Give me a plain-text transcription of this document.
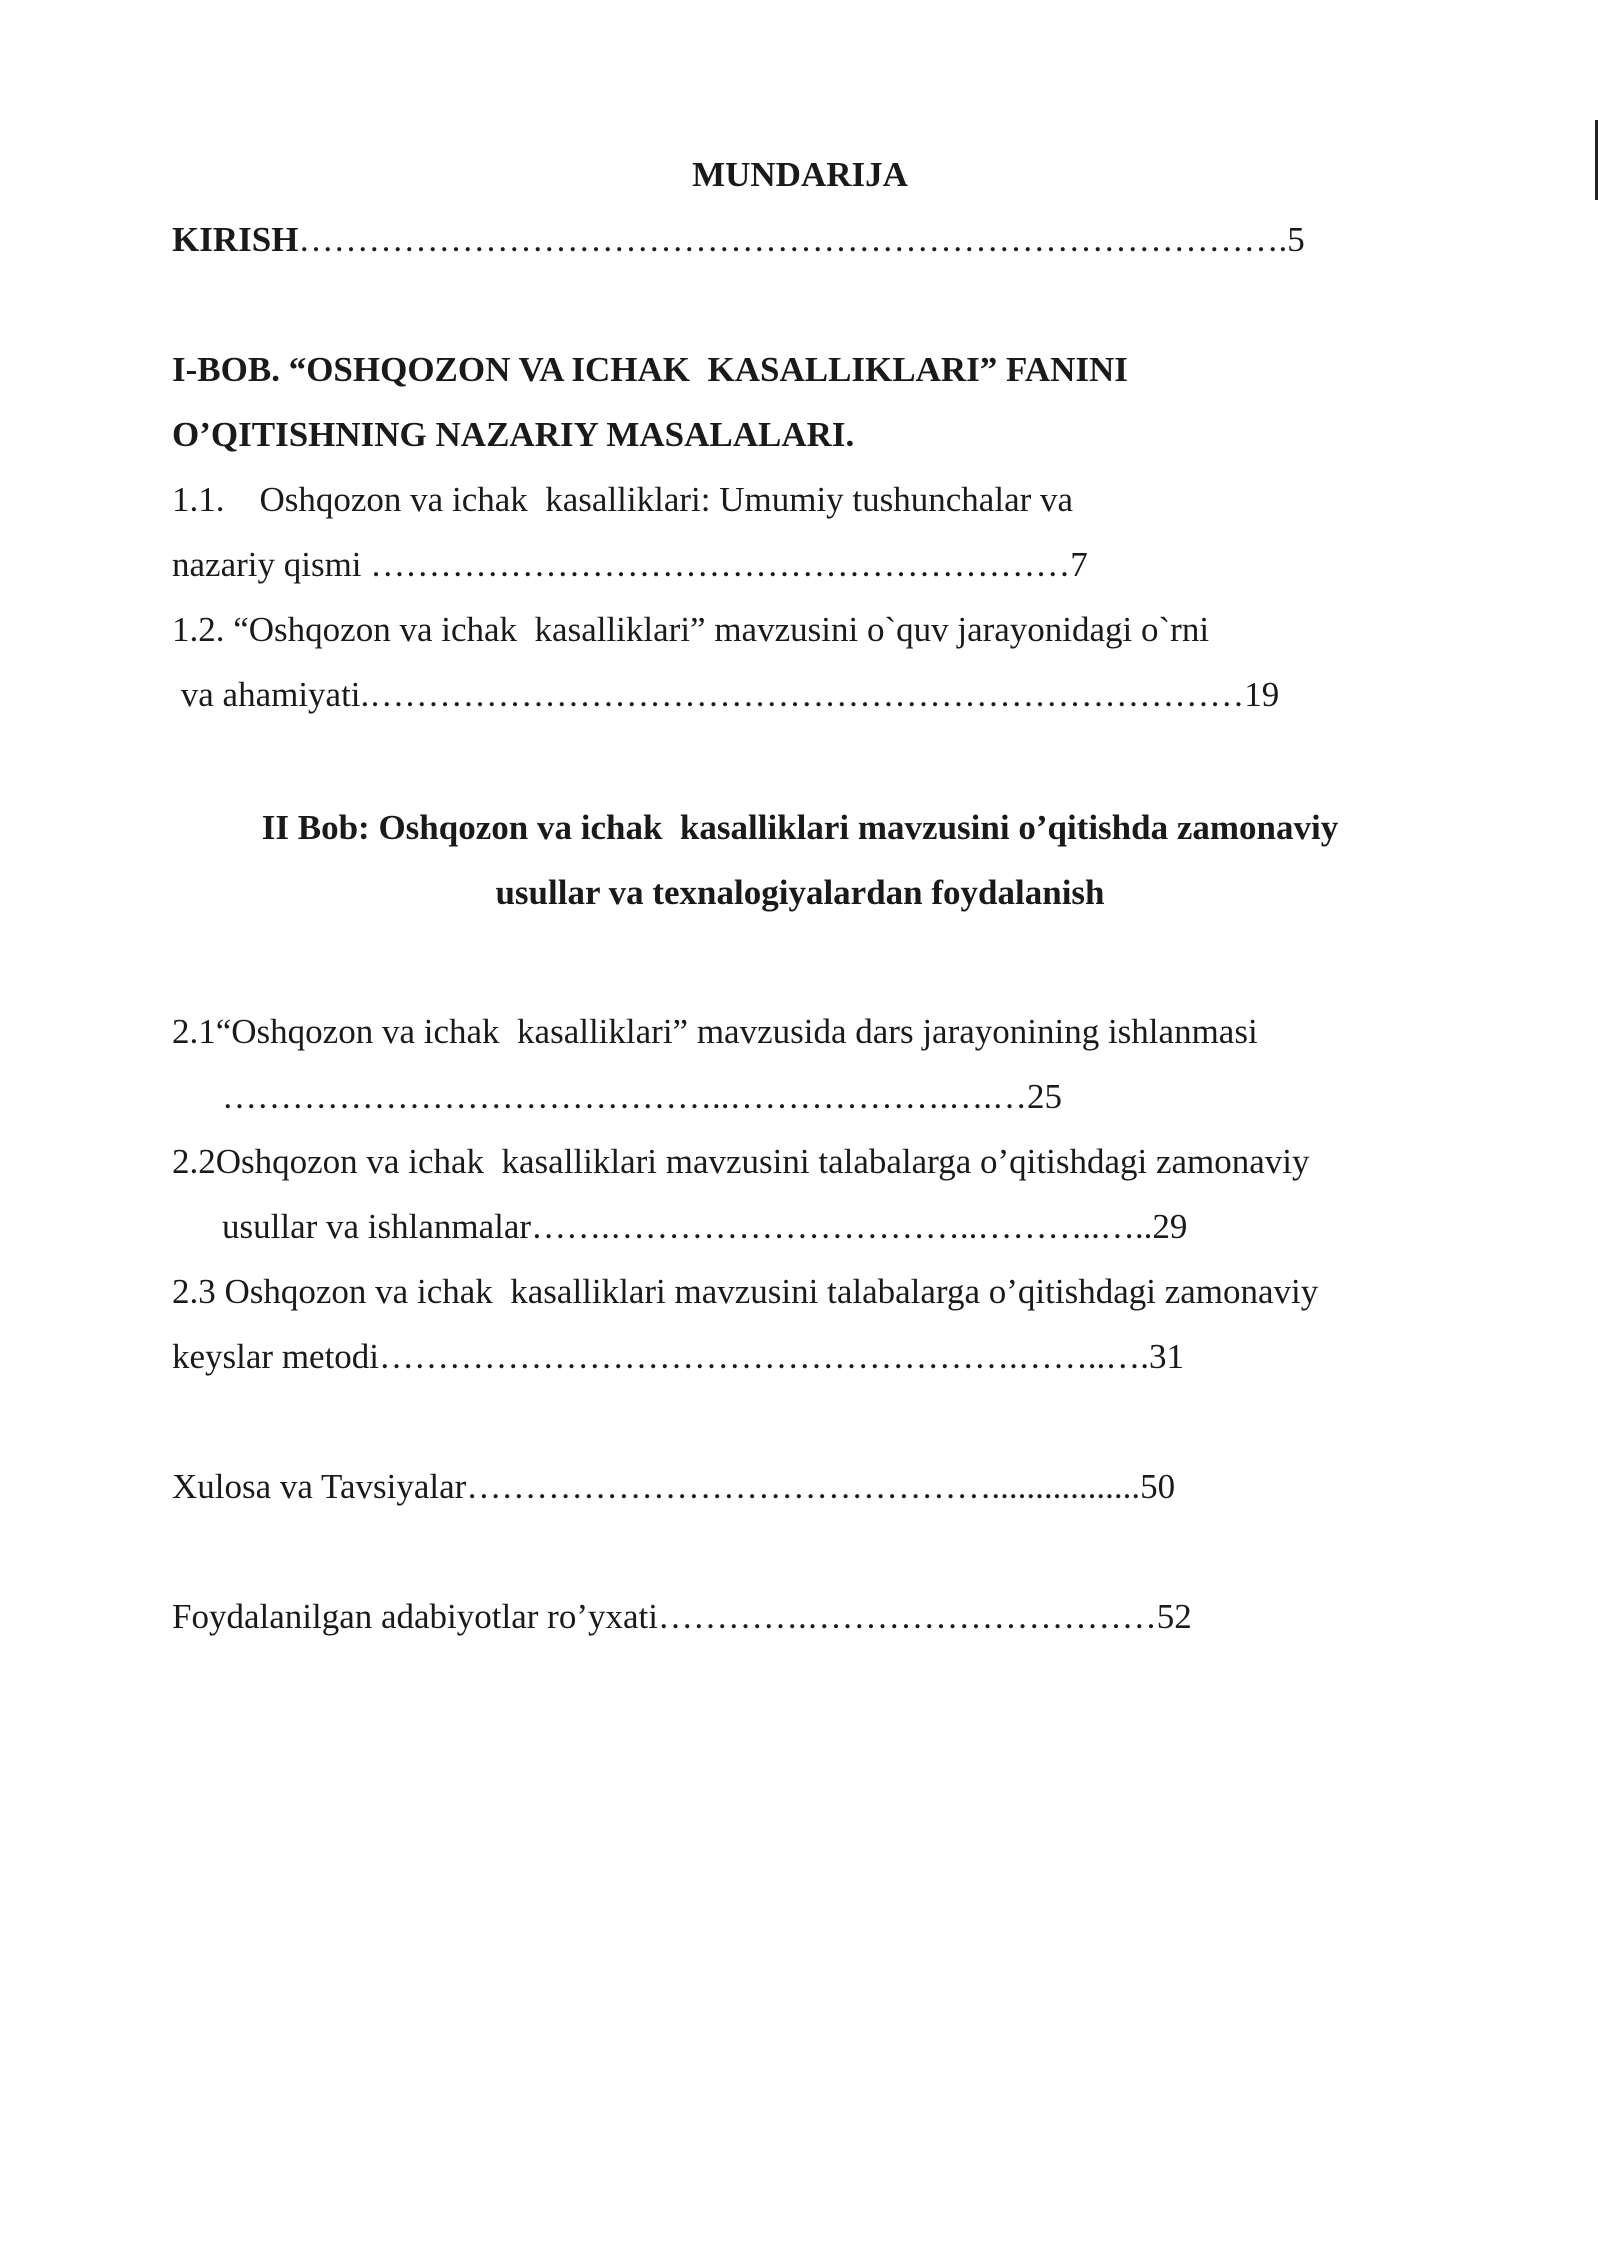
MUNDARIJA
KIRISH………………………………………………………………………….5
I-BOB. “OSHQOZON VA ICHAK  KASALLIKLARI” FANINI
O’QITISHNING NAZARIY MASALALARI.
1.1.    Oshqozon va ichak  kasalliklari: Umumiy tushunchalar va
nazariy qismi ……………………………………………………7
1.2. “Oshqozon va ichak  kasalliklari” mavzusini o`quv jarayonidagi o`rni
va ahamiyati.…………………………………………………………………19
II Bob: Oshqozon va ichak  kasalliklari mavzusini o’qitishda zamonaviy
usullar va texnalogiyalardan foydalanish
2.1“Oshqozon va ichak  kasalliklari” mavzusida dars jarayonining ishlanmasi
……………………………………..……………….….…25
2.2Oshqozon va ichak  kasalliklari mavzusini talabalarga o’qitishdagi zamonaviy
usullar va ishlanmalar…….…………………………..………..…..29
2.3 Oshqozon va ichak  kasalliklari mavzusini talabalarga o’qitishdagi zamonaviy
keyslar metodi……………………………………………….……..….31
Xulosa va Tavsiyalar……………………………………….................50
Foydalanilgan adabiyotlar ro’yxati………….…………………………52
